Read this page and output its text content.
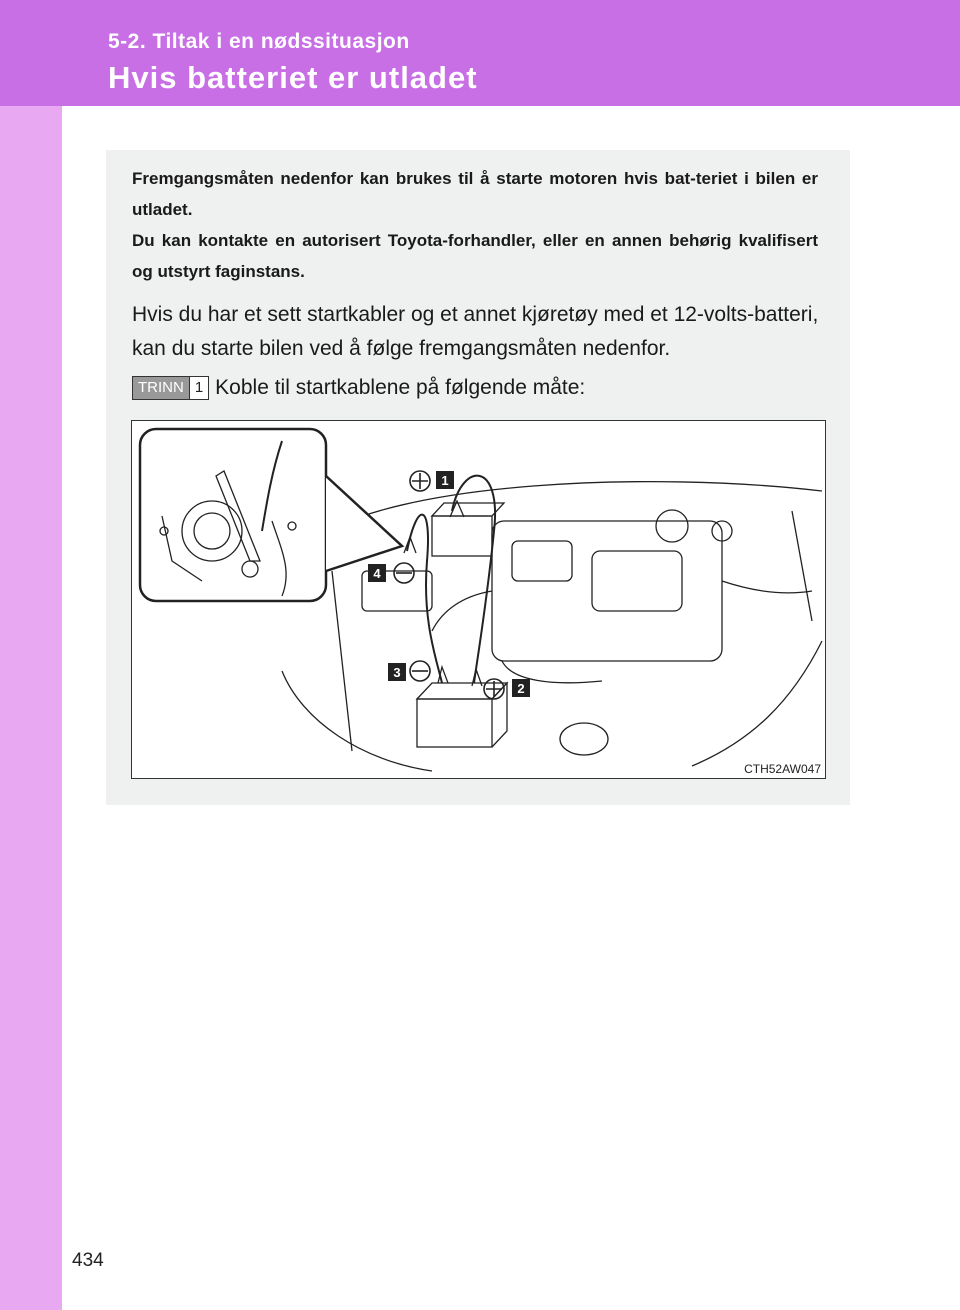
5-2. Tiltak i en nødssituasjon
Hvis batteriet er utladet

Fremgangsmåten nedenfor kan brukes til å starte motoren hvis bat-teriet i bilen er utladet.

Du kan kontakte en autorisert Toyota-forhandler, eller en annen behørig kvalifisert og utstyrt faginstans.

Hvis du har et sett startkabler og et annet kjøretøy med et 12-volts-batteri, kan du starte bilen ved å følge fremgangsmåten nedenfor.

TRINN 1 Koble til startkablene på følgende måte:
1
2
3
4
CTH52AW047
434
